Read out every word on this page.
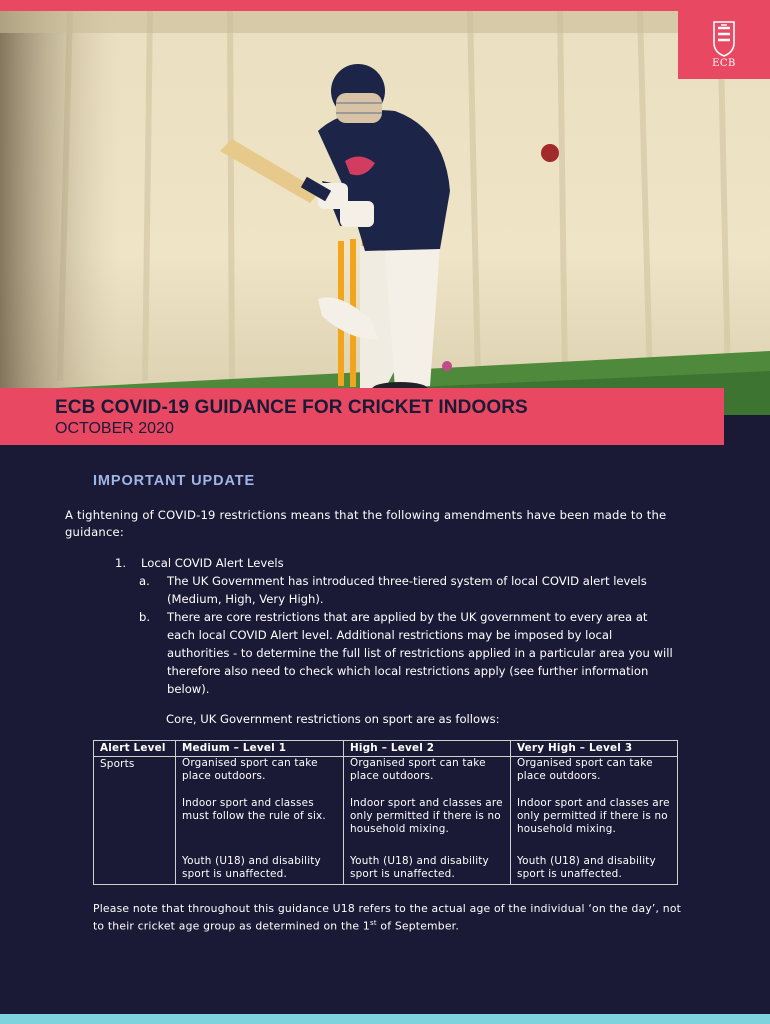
ECB
ECB COVID-19 GUIDANCE FOR CRICKET INDOORS
OCTOBER 2020
IMPORTANT UPDATE
A tightening of COVID-19 restrictions means that the following amendments have been made to the guidance:
1. Local COVID Alert Levels
a. The UK Government has introduced three-tiered system of local COVID alert levels (Medium, High, Very High).
b. There are core restrictions that are applied by the UK government to every area at each local COVID Alert level. Additional restrictions may be imposed by local authorities - to determine the full list of restrictions applied in a particular area you will therefore also need to check which local restrictions apply (see further information below).
Core, UK Government restrictions on sport are as follows:
Alert Level	Medium – Level 1	High – Level 2	Very High – Level 3
Sports	Organised sport can take place outdoors.
Indoor sport and classes must follow the rule of six.
Youth (U18) and disability sport is unaffected.	Organised sport can take place outdoors.
Indoor sport and classes are only permitted if there is no household mixing.
Youth (U18) and disability sport is unaffected.	Organised sport can take place outdoors.
Indoor sport and classes are only permitted if there is no household mixing.
Youth (U18) and disability sport is unaffected.
Please note that throughout this guidance U18 refers to the actual age of the individual ‘on the day’, not to their cricket age group as determined on the 1st of September.
